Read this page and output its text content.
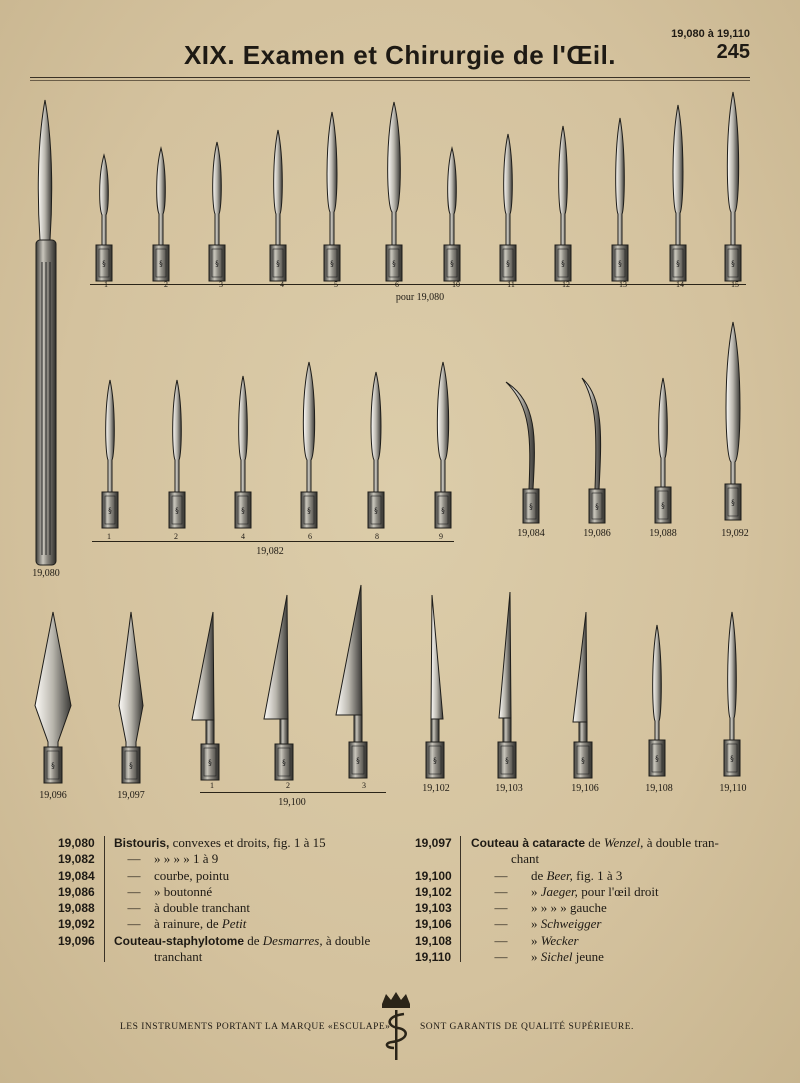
19,080 à 19,110
245
XIX. Examen et Chirurgie de l'Œil.
§	§	§	§	§	§	§	§	§	§	§	§
§	§	§	§	§	§	§	§	§	§
§	§	§	§	§	§	§	§	§	§
19,080
pour 19,080
1	2	3	4	5	6	10	11	12	13	14	15
19,082
1	2	4	6	8	9	19,084	19,086	19,088	19,092
19,100
19,096	19,097
1	2	3	19,102	19,103	19,106	19,108	19,110
19,080	Bistouris, convexes et droits, fig. 1 à 15
19,082	— » » » » 1 à 9
19,084	— courbe, pointu
19,086	— » boutonné
19,088	— à double tranchant
19,092	— à rainure, de Petit
19,096	Couteau-staphylotome de Desmarres, à double
tranchant
19,097	Couteau à cataracte de Wenzel, à double tran-
chant
19,100	— de Beer, fig. 1 à 3
19,102	— » Jaeger, pour l'œil droit
19,103	— » » » » gauche
19,106	— » Schweigger
19,108	— » Wecker
19,110	— » Sichel jeune
LES INSTRUMENTS PORTANT LA MARQUE «ESCULAPE»	SONT GARANTIS DE QUALITÉ SUPÉRIEURE.
